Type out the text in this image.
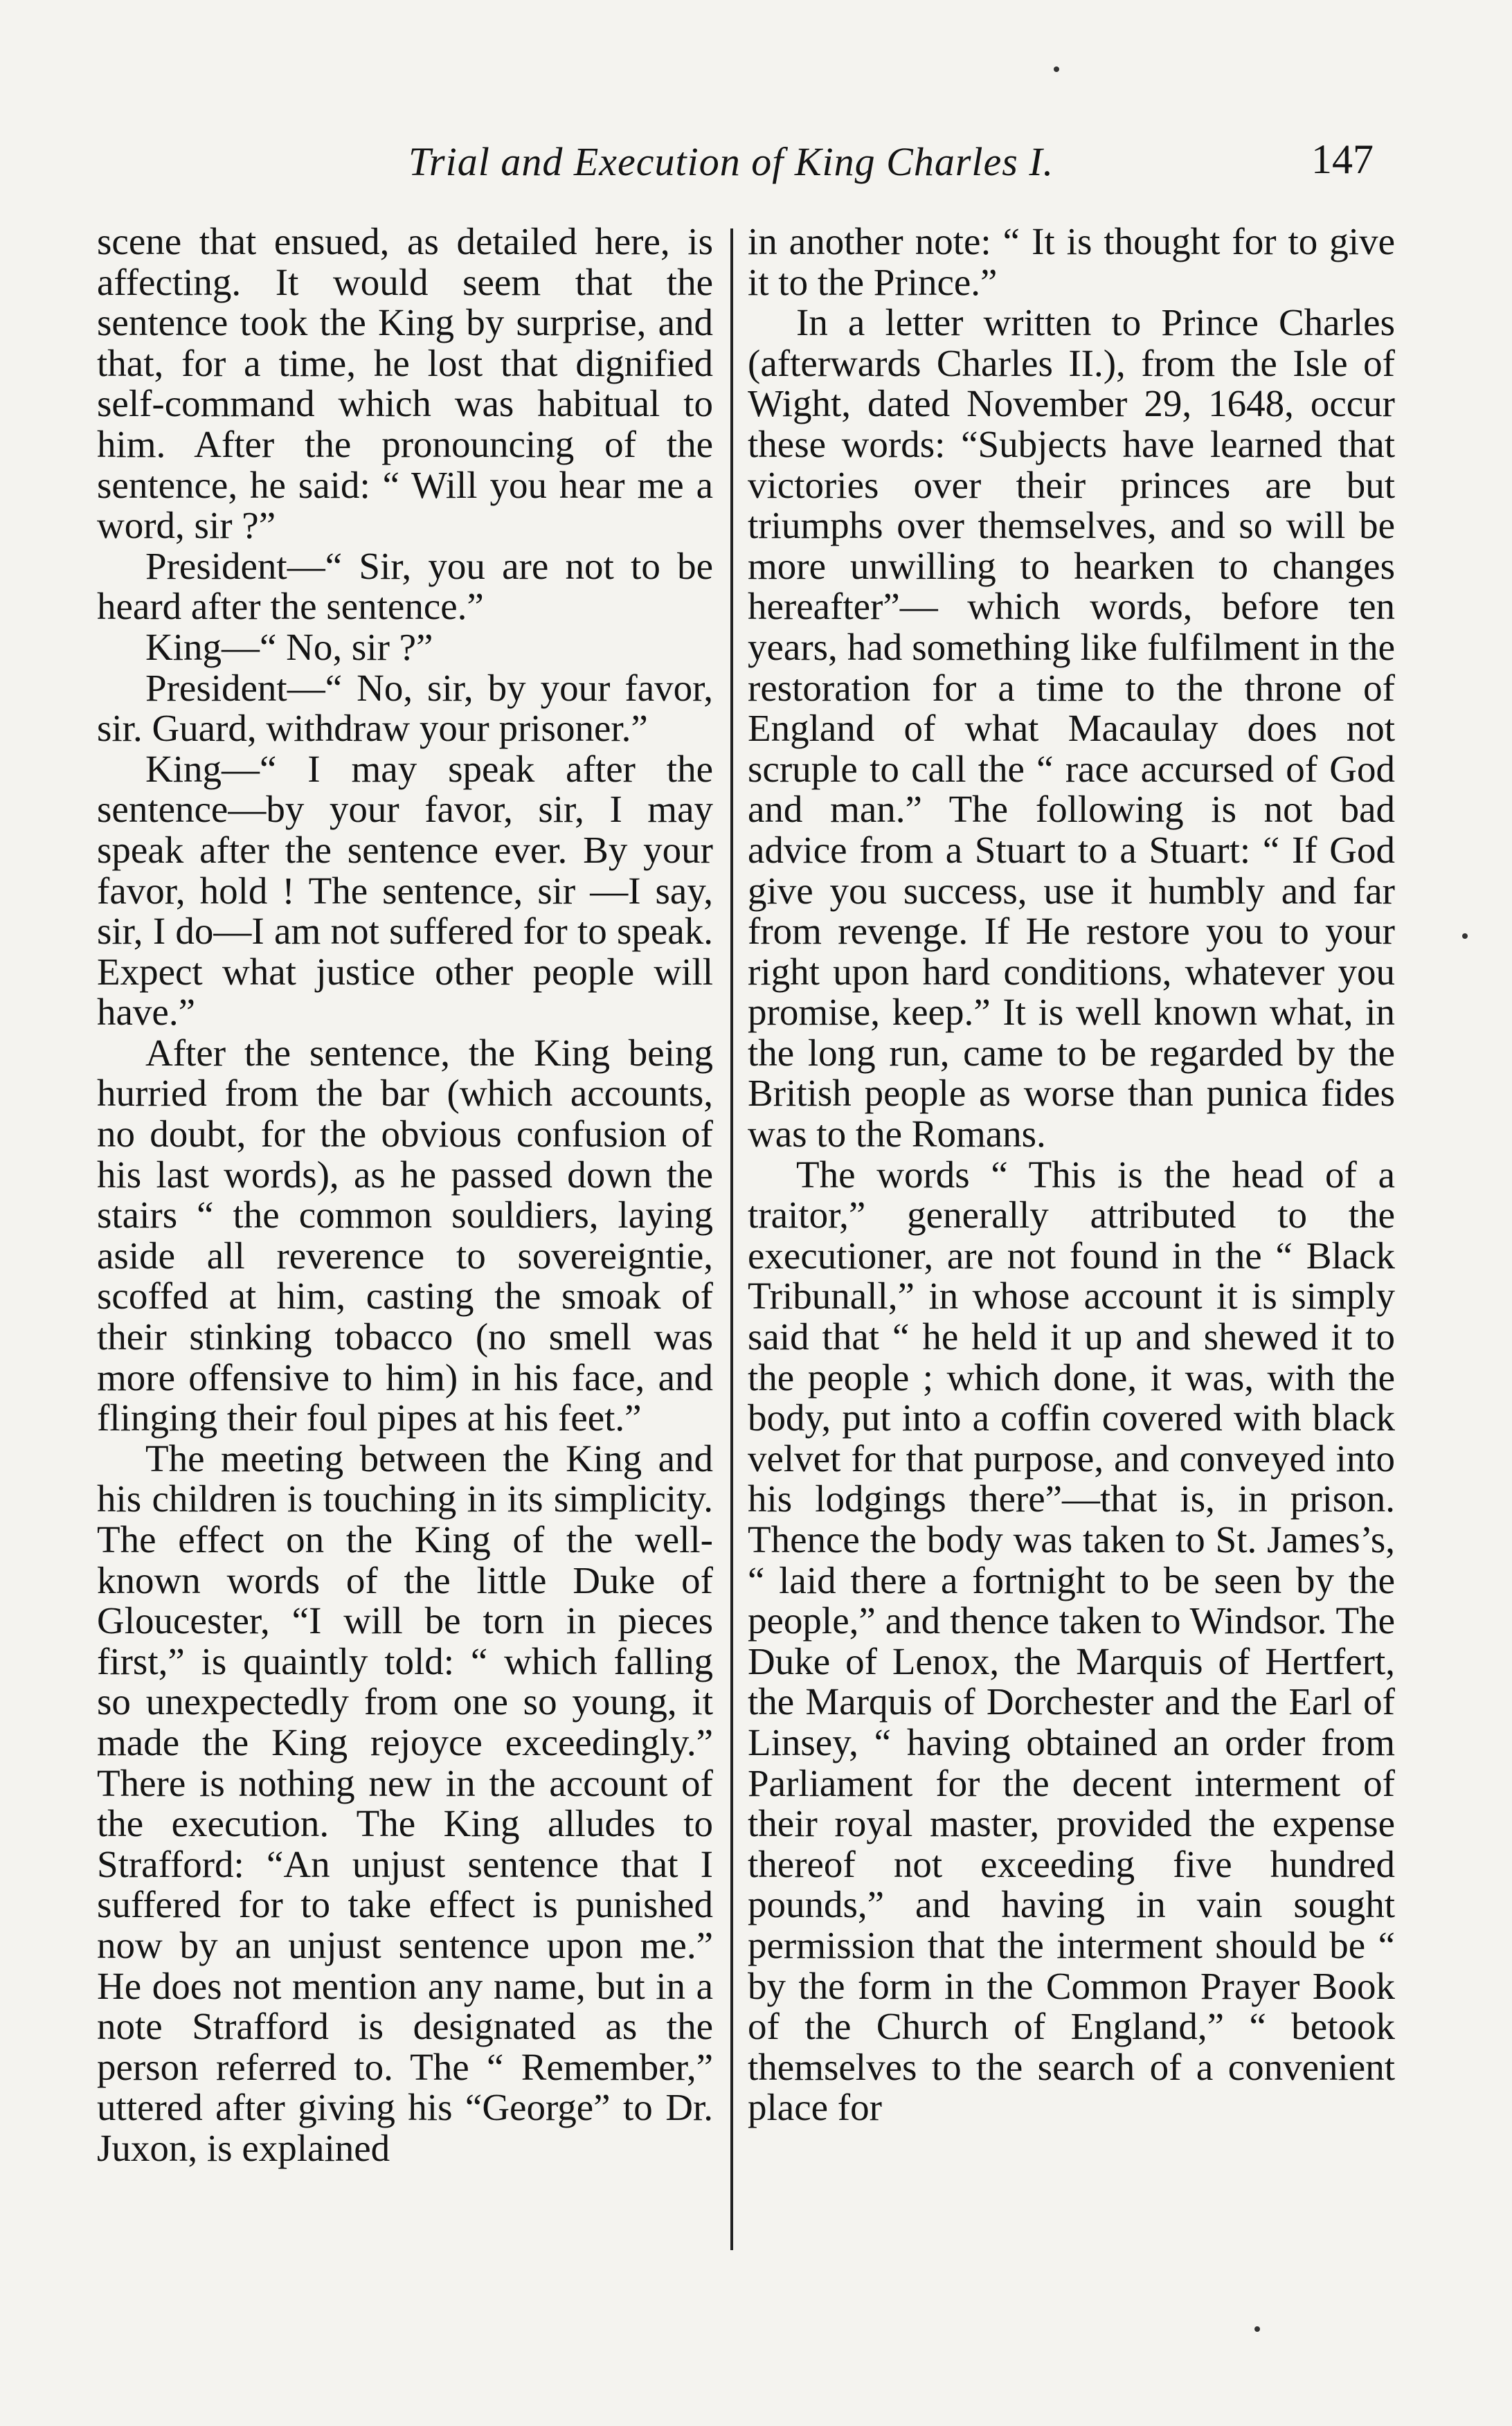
Trial and Execution of King Charles I.	147

scene that ensued, as detailed here, is affecting. It would seem that the sentence took the King by surprise, and that, for a time, he lost that dignified self-command which was habitual to him. After the pronouncing of the sentence, he said: “ Will you hear me a word, sir ?”

President—“ Sir, you are not to be heard after the sentence.”

King—“ No, sir ?”

President—“ No, sir, by your favor, sir. Guard, withdraw your prisoner.”

King—“ I may speak after the sentence—by your favor, sir, I may speak after the sentence ever. By your favor, hold ! The sentence, sir —I say, sir, I do—I am not suffered for to speak. Expect what justice other people will have.”

After the sentence, the King being hurried from the bar (which accounts, no doubt, for the obvious confusion of his last words), as he passed down the stairs “ the common souldiers, laying aside all reverence to sovereigntie, scoffed at him, casting the smoak of their stinking tobacco (no smell was more offensive to him) in his face, and flinging their foul pipes at his feet.”

The meeting between the King and his children is touching in its simplicity. The effect on the King of the well-known words of the little Duke of Gloucester, “I will be torn in pieces first,” is quaintly told: “ which falling so unexpectedly from one so young, it made the King rejoyce exceedingly.” There is nothing new in the account of the execution. The King alludes to Strafford: “An unjust sentence that I suffered for to take effect is punished now by an unjust sentence upon me.” He does not mention any name, but in a note Strafford is designated as the person referred to. The “ Remember,” uttered after giving his “George” to Dr. Juxon, is explained

in another note: “ It is thought for to give it to the Prince.”

In a letter written to Prince Charles (afterwards Charles II.), from the Isle of Wight, dated November 29, 1648, occur these words: “Subjects have learned that victories over their princes are but triumphs over themselves, and so will be more unwilling to hearken to changes hereafter”— which words, before ten years, had something like fulfilment in the restoration for a time to the throne of England of what Macaulay does not scruple to call the “ race accursed of God and man.” The following is not bad advice from a Stuart to a Stuart: “ If God give you success, use it humbly and far from revenge. If He restore you to your right upon hard conditions, whatever you promise, keep.” It is well known what, in the long run, came to be regarded by the British people as worse than punica fides was to the Romans.

The words “ This is the head of a traitor,” generally attributed to the executioner, are not found in the “ Black Tribunall,” in whose account it is simply said that “ he held it up and shewed it to the people ; which done, it was, with the body, put into a coffin covered with black velvet for that purpose, and conveyed into his lodgings there”—that is, in prison. Thence the body was taken to St. James’s, “ laid there a fortnight to be seen by the people,” and thence taken to Windsor. The Duke of Lenox, the Marquis of Hertfert, the Marquis of Dorchester and the Earl of Linsey, “ having obtained an order from Parliament for the decent interment of their royal master, provided the expense thereof not exceeding five hundred pounds,” and having in vain sought permission that the interment should be “ by the form in the Common Prayer Book of the Church of England,” “ betook themselves to the search of a convenient place for
